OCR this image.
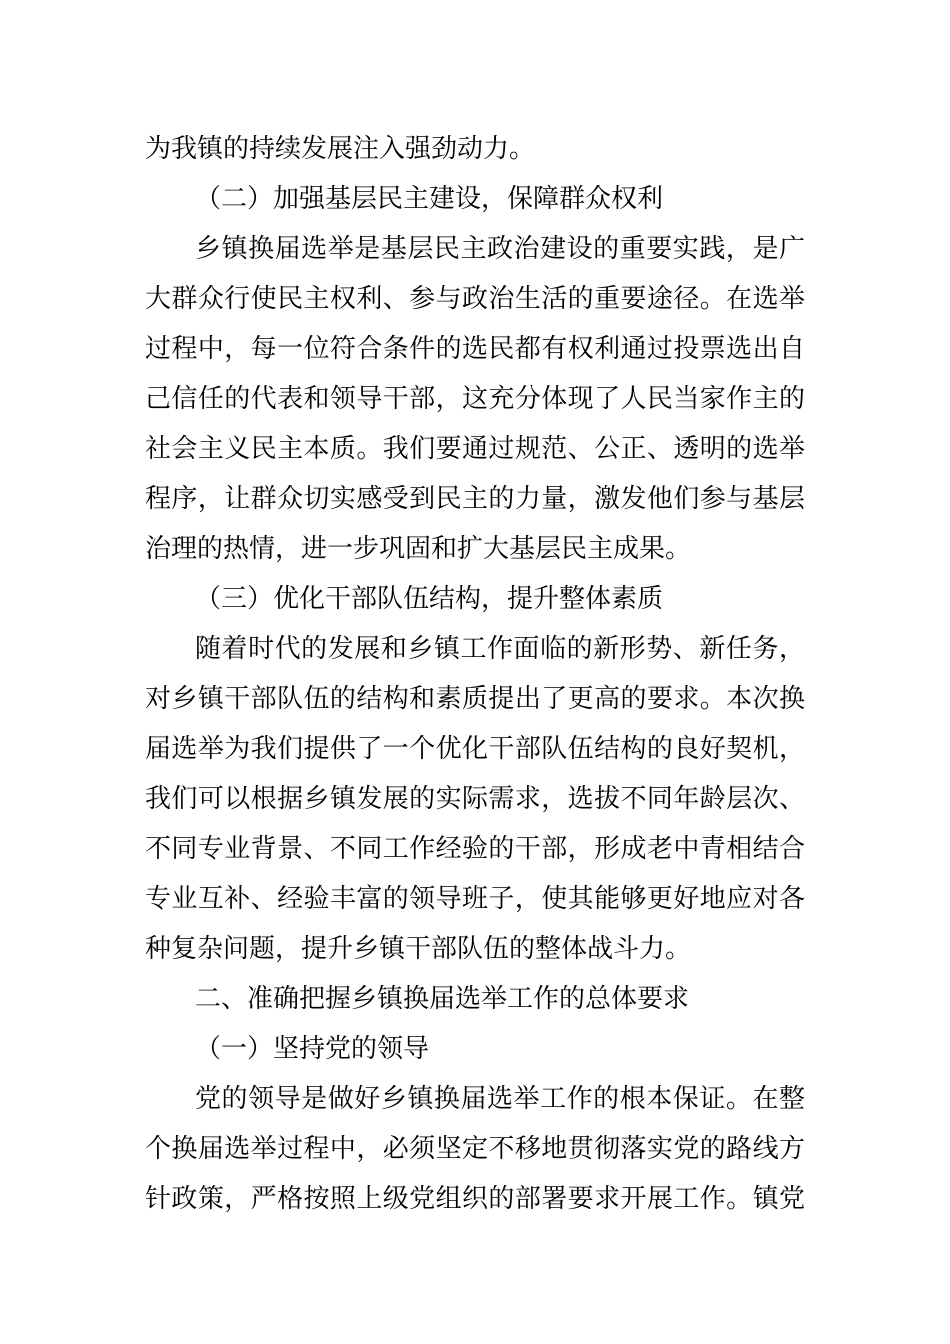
为我镇的持续发展注入强劲动力。
（二）加强基层民主建设，保障群众权利
乡镇换届选举是基层民主政治建设的重要实践，是广
大群众行使民主权利、参与政治生活的重要途径。在选举
过程中，每一位符合条件的选民都有权利通过投票选出自
己信任的代表和领导干部，这充分体现了人民当家作主的
社会主义民主本质。我们要通过规范、公正、透明的选举
程序，让群众切实感受到民主的力量，激发他们参与基层
治理的热情，进一步巩固和扩大基层民主成果。
（三）优化干部队伍结构，提升整体素质
随着时代的发展和乡镇工作面临的新形势、新任务，
对乡镇干部队伍的结构和素质提出了更高的要求。本次换
届选举为我们提供了一个优化干部队伍结构的良好契机，
我们可以根据乡镇发展的实际需求，选拔不同年龄层次、
不同专业背景、不同工作经验的干部，形成老中青相结合
专业互补、经验丰富的领导班子，使其能够更好地应对各
种复杂问题，提升乡镇干部队伍的整体战斗力。
二、准确把握乡镇换届选举工作的总体要求
（一）坚持党的领导
党的领导是做好乡镇换届选举工作的根本保证。在整
个换届选举过程中，必须坚定不移地贯彻落实党的路线方
针政策，严格按照上级党组织的部署要求开展工作。镇党
